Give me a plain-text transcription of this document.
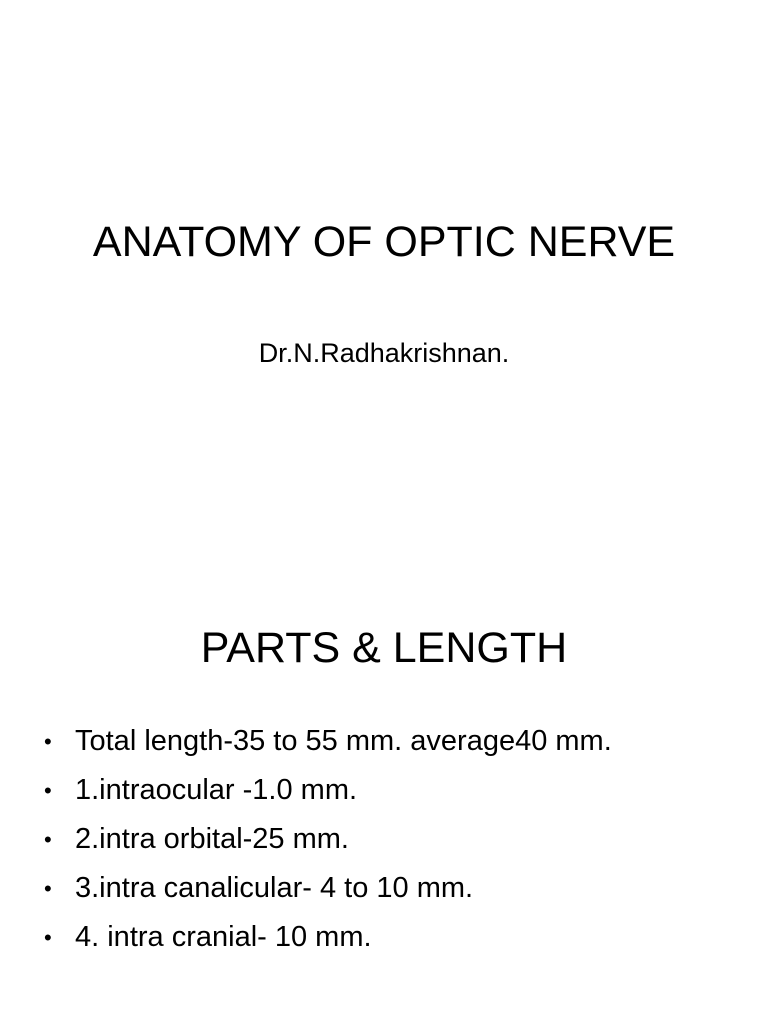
ANATOMY OF OPTIC NERVE
Dr.N.Radhakrishnan.
PARTS & LENGTH
• Total length-35 to 55 mm. average40 mm.
• 1.intraocular -1.0 mm.
• 2.intra orbital-25 mm.
• 3.intra canalicular- 4 to 10 mm.
• 4. intra cranial- 10 mm.
